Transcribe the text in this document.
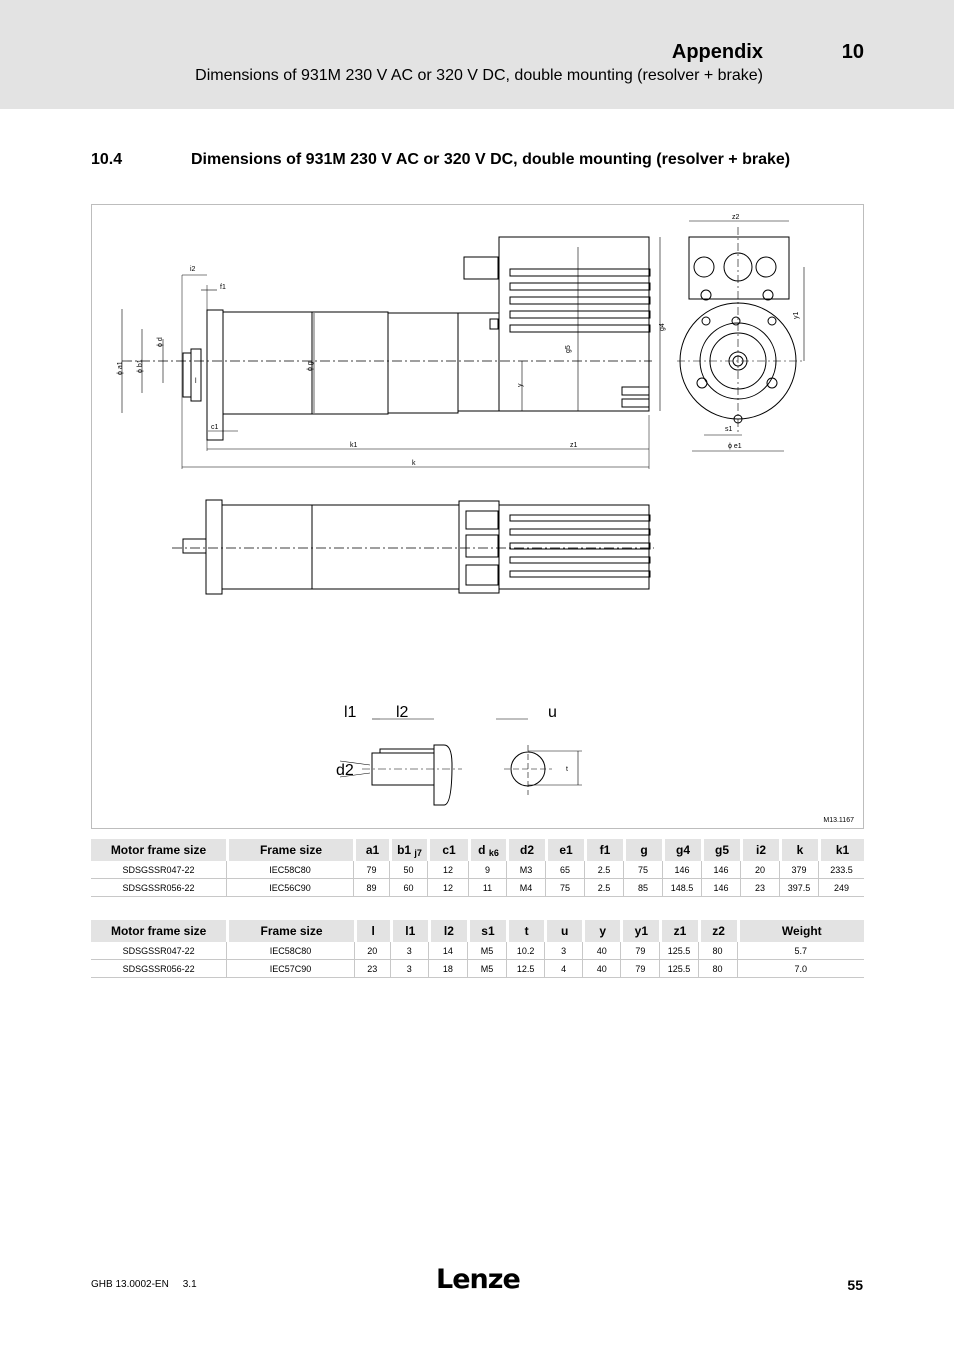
Appendix	10
Dimensions of 931M 230 V AC or 320 V DC, double mounting (resolver + brake)
10.4	Dimensions of 931M 230 V AC or 320 V DC, double mounting (resolver + brake)
i2
f1
ϕ a1 ϕ b1
ϕ d
ϕ g
l
c1
k1	z1
k
g5
g4
y
z2
y1
s1
ϕ e1
l1 l2
d2
u
t
M13.1167
Motor frame size	Frame size	a1	b1 $_{j7}$	c1	d $_{k6}$	d2	e1	f1	g	g4	g5	i2	k	k1
SDSGSSR047-22	IEC58C80	79	50	12	9	M3	65	2.5	75	146	146	20	379	233.5
SDSGSSR056-22	IEC56C90	89	60	12	11	M4	75	2.5	85	148.5	146	23	397.5	249
Motor frame size	Frame size	l	l1	l2	s1	t	u	y	y1	z1	z2	Weight
SDSGSSR047-22	IEC58C80	20	3	14	M5	10.2	3	40	79	125.5	80	5.7
SDSGSSR056-22	IEC57C90	23	3	18	M5	12.5	4	40	79	125.5	80	7.0
GHB 13.0002-EN 3.1	Lenze	55
